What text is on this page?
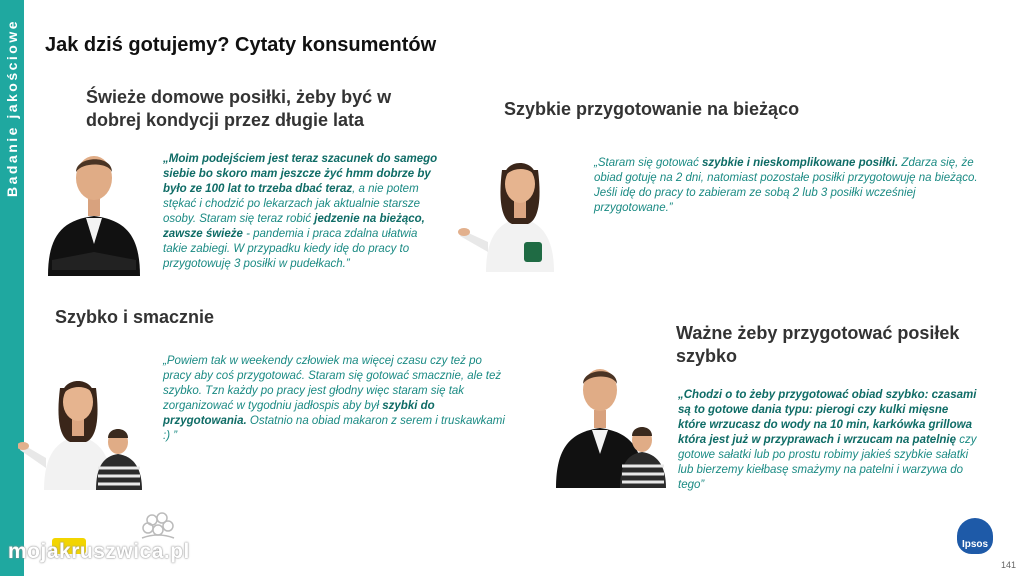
Badanie jakościowe Jak dziś gotujemy? Cytaty konsumentów
Świeże domowe posiłki, żeby być w
dobrej kondycji przez długie lata

„Moim podejściem jest teraz szacunek do samego siebie bo skoro mam jeszcze żyć hmm dobrze by było ze 100 lat to trzeba dbać teraz, a nie potem stękać i chodzić po lekarzach jak aktualnie starsze osoby. Staram się teraz robić jedzenie na bieżąco, zawsze świeże - pandemia i praca zdalna ułatwia takie zabiegi. W przypadku kiedy idę do pracy to przygotowuję 3 posiłki w pudełkach.”

Szybkie przygotowanie na bieżąco

„Staram się gotować szybkie i nieskomplikowane posiłki. Zdarza się, że obiad gotuję na 2 dni, natomiast pozostałe posiłki przygotowuję na bieżąco. Jeśli idę do pracy to zabieram ze sobą 2 lub 3 posiłki wcześniej przygotowane.”

Szybko i smacznie

„Powiem tak w weekendy człowiek ma więcej czasu czy też po pracy aby coś przygotować. Staram się gotować smacznie, ale też szybko. Tzn każdy po pracy jest głodny więc staram się tak zorganizować w tygodniu jadłospis aby był szybki do przygotowania. Ostatnio na obiad makaron z serem i truskawkami :) ”

Ważne żeby przygotować posiłek
szybko

„Chodzi o to żeby przygotować obiad szybko: czasami są to gotowe dania typu: pierogi czy kulki mięsne które wrzucasz do wody na 10 min, karkówka grillowa która jest już w przyprawach i wrzucam na patelnię czy gotowe sałatki lub po prostu robimy jakieś szybkie sałatki lub bierzemy kiełbasę smażymy na patelni i warzywa do tego”

Ipsos
141
mojakruszwica.pl
